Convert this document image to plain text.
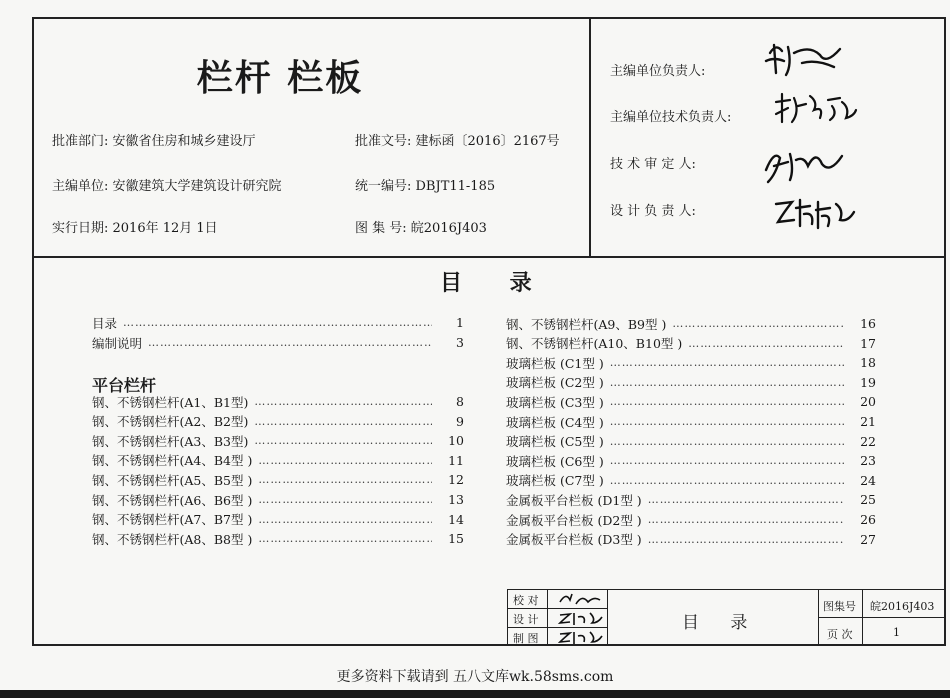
栏杆 栏板
批准部门: 安徽省住房和城乡建设厅	批准文号: 建标函〔2016〕2167号
主编单位: 安徽建筑大学建筑设计研究院	统一编号: DBJT11-185
实行日期: 2016年 12月 1日	图 集 号: 皖2016J403
主编单位负责人:
主编单位技术负责人:
技 术 审 定 人:
设 计 负 责 人:
目 录
目录 ………………………………………………………………………………………………………………………………………	1
编制说明 ………………………………………………………………………………………………………………………………………	3
平台栏杆
钢、不锈钢栏杆(A1、B1型) ………………………………………………………………………………………………………………………………………	8
钢、不锈钢栏杆(A2、B2型) ………………………………………………………………………………………………………………………………………	9
钢、不锈钢栏杆(A3、B3型) ………………………………………………………………………………………………………………………………………	10
钢、不锈钢栏杆(A4、B4型 ) ………………………………………………………………………………………………………………………………………	11
钢、不锈钢栏杆(A5、B5型 ) ………………………………………………………………………………………………………………………………………	12
钢、不锈钢栏杆(A6、B6型 ) ………………………………………………………………………………………………………………………………………	13
钢、不锈钢栏杆(A7、B7型 ) ………………………………………………………………………………………………………………………………………	14
钢、不锈钢栏杆(A8、B8型 ) ………………………………………………………………………………………………………………………………………	15
钢、不锈钢栏杆(A9、B9型 ) ………………………………………………………………………………………………………………………………………	16
钢、不锈钢栏杆(A10、B10型 ) ………………………………………………………………………………………………………………………………………	17
玻璃栏板 (C1型 ) ………………………………………………………………………………………………………………………………………	18
玻璃栏板 (C2型 ) ………………………………………………………………………………………………………………………………………	19
玻璃栏板 (C3型 ) ………………………………………………………………………………………………………………………………………	20
玻璃栏板 (C4型 ) ………………………………………………………………………………………………………………………………………	21
玻璃栏板 (C5型 ) ………………………………………………………………………………………………………………………………………	22
玻璃栏板 (C6型 ) ………………………………………………………………………………………………………………………………………	23
玻璃栏板 (C7型 ) ………………………………………………………………………………………………………………………………………	24
金属板平台栏板 (D1型 ) ………………………………………………………………………………………………………………………………………	25
金属板平台栏板 (D2型 ) ………………………………………………………………………………………………………………………………………	26
金属板平台栏板 (D3型 ) ………………………………………………………………………………………………………………………………………	27
校 对
设 计
制 图
目 录
图集号 皖2016J403
页 次	1
更多资料下载请到 五八文库wk.58sms.com
